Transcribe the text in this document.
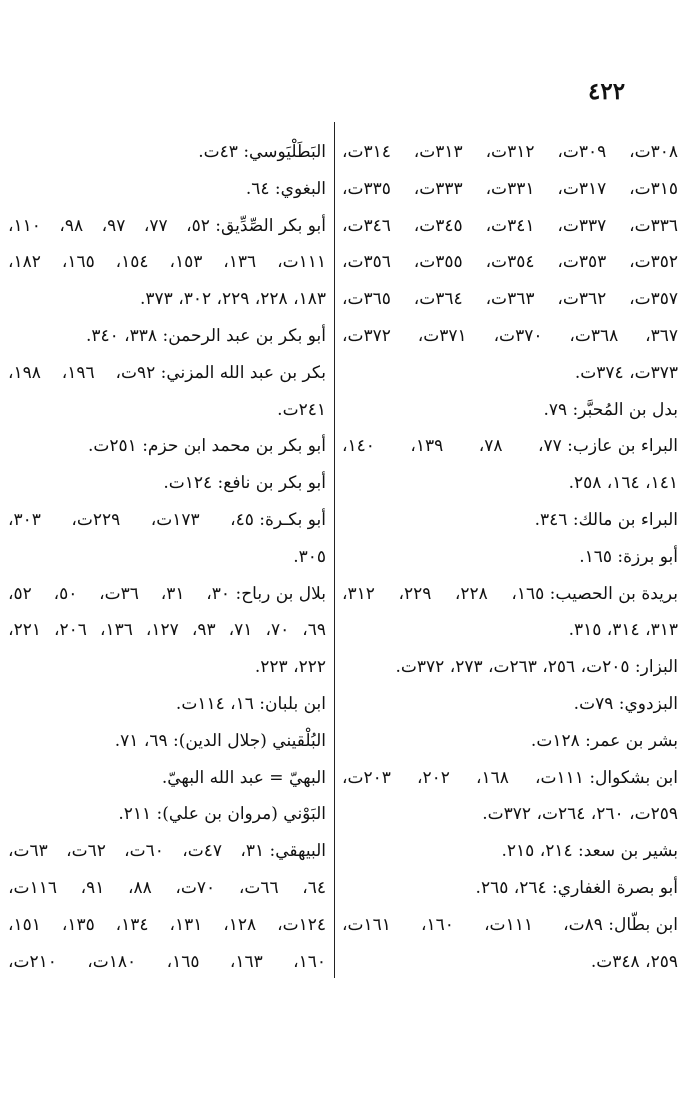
٤٢٢
٣٠٨ت،
٣٠٩ت،
٣١٢ت،
٣١٣ت،
٣١٤ت،
٣١٥ت،
٣١٧ت،
٣٣١ت،
٣٣٣ت،
٣٣٥ت،
٣٣٦ت،
٣٣٧ت،
٣٤١ت،
٣٤٥ت،
٣٤٦ت،
٣٥٢ت،
٣٥٣ت،
٣٥٤ت،
٣٥٥ت،
٣٥٦ت،
٣٥٧ت،
٣٦٢ت،
٣٦٣ت،
٣٦٤ت،
٣٦٥ت،
٣٦٧،
٣٦٨ت،
٣٧٠ت،
٣٧١ت،
٣٧٢ت،
٣٧٣ت، ٣٧٤ت.
بدل بن المُحبَّر: ٧٩.
البراء بن عازب: ٧٧،
٧٨،
١٣٩،
١٤٠،
١٤١، ١٦٤، ٢٥٨.
البراء بن مالك: ٣٤٦.
أبو برزة: ١٦٥.
بريدة بن الحصيب: ١٦٥،
٢٢٨،
٢٢٩،
٣١٢،
٣١٣، ٣١٤، ٣١٥.
البزار: ٢٠٥ت، ٢٥٦، ٢٦٣ت، ٢٧٣، ٣٧٢ت.
البزدوي: ٧٩ت.
بشر بن عمر: ١٢٨ت.
ابن بشكوال: ١١١ت،
١٦٨،
٢٠٢،
٢٠٣ت،
٢٥٩ت، ٢٦٠، ٢٦٤ت، ٣٧٢ت.
بشير بن سعد: ٢١٤، ٢١٥.
أبو بصرة الغفاري: ٢٦٤، ٢٦٥.
ابن بطّال: ٨٩ت،
١١١ت،
١٦٠،
١٦١ت،
٢٥٩، ٣٤٨ت.
البَطَلْيَوسي: ٤٣ت.
البغوي: ٦٤.
أبو بكر الصِّدِّيق: ٥٢،
٧٧،
٩٧،
٩٨،
١١٠،
١١١ت،
١٣٦،
١٥٣،
١٥٤،
١٦٥،
١٨٢،
١٨٣، ٢٢٨، ٢٢٩، ٣٠٢، ٣٧٣.
أبو بكر بن عبد الرحمن: ٣٣٨، ٣٤٠.
بكر بن عبد الله المزني: ٩٢ت،
١٩٦،
١٩٨،
٢٤١ت.
أبو بكر بن محمد ابن حزم: ٢٥١ت.
أبو بكر بن نافع: ١٢٤ت.
أبو بكـرة: ٤٥،
١٧٣ت،
٢٢٩ت،
٣٠٣،
٣٠٥.
بلال بن رباح: ٣٠،
٣١،
٣٦ت،
٥٠،
٥٢،
٦٩،
٧٠،
٧١،
٩٣،
١٢٧،
١٣٦،
٢٠٦،
٢٢١،
٢٢٢، ٢٢٣.
ابن بلبان: ١٦، ١١٤ت.
البُلْقيني (جلال الدين): ٦٩، ٧١.
البهيّ = عبد الله البهيّ.
البَوْني (مروان بن علي): ٢١١.
البيهقي: ٣١،
٤٧ت،
٦٠ت،
٦٢ت،
٦٣ت،
٦٤،
٦٦ت،
٧٠ت،
٨٨،
٩١،
١١٦ت،
١٢٤ت،
١٢٨،
١٣١،
١٣٤،
١٣٥،
١٥١،
١٦٠،
١٦٣،
١٦٥،
١٨٠ت،
٢١٠ت،
